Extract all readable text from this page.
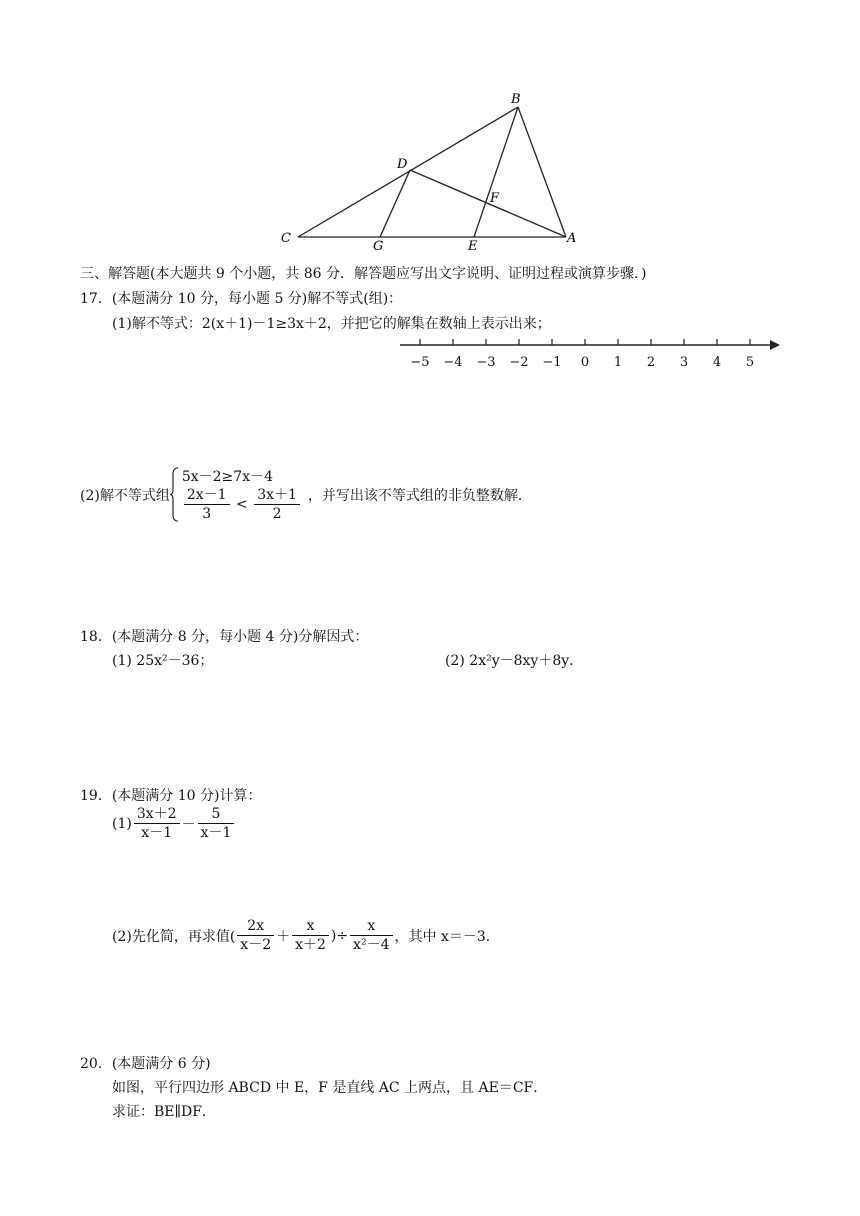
B
D
F
C
G	E
A
三、解答题(本大题共 9 个小题，共 86 分．解答题应写出文字说明、证明过程或演算步骤．)
17．(本题满分 10 分，每小题 5 分)解不等式(组)：
(1)解不等式：2(x＋1)－1≥3x＋2，并把它的解集在数轴上表示出来；
−5 −4 −3 −2 −1 0 1 2 3 4 5
(2)解不等式组
5x－2≥7x－4
$\frac{2x-1}{3} < \frac{3x+1}{2}$ ，并写出该不等式组的非负整数解．
18．(本题满分 8 分，每小题 4 分)分解因式：
(1) 25x²－36；	(2) 2x²y－8xy＋8y．
19．(本题满分 10 分)计算：
$(1) \frac{3x+2}{x-1} - \frac{5}{x-1}$
(2)先化简，再求值( $\frac{2x}{x-2} + \frac{x}{x+2}$ )÷ $\frac{x}{\text{x²－4}}$ ，其中 x＝－3．
20．(本题满分 6 分)
如图，平行四边形 ABCD 中 E，F 是直线 AC 上两点，且 AE＝CF．
求证：BE∥DF．
